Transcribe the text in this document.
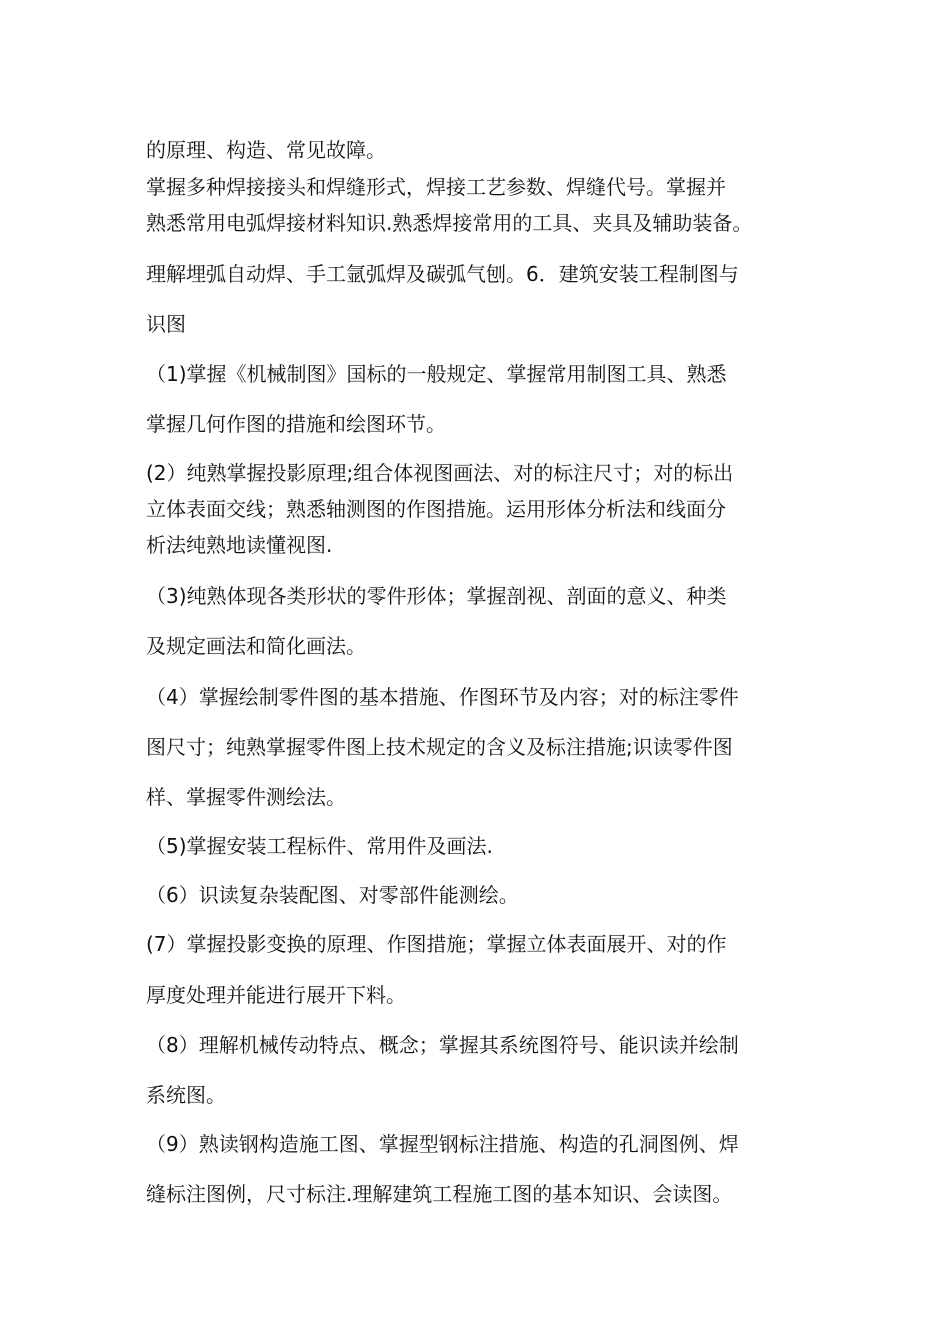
的原理、构造、常见故障。
掌握多种焊接接头和焊缝形式，焊接工艺参数、焊缝代号。掌握并
熟悉常用电弧焊接材料知识.熟悉焊接常用的工具、夹具及辅助装备。
理解埋弧自动焊、手工氩弧焊及碳弧气刨。6．建筑安装工程制图与
识图
（1)掌握《机械制图》国标的一般规定、掌握常用制图工具、熟悉
掌握几何作图的措施和绘图环节。
(2）纯熟掌握投影原理;组合体视图画法、对的标注尺寸；对的标出
立体表面交线；熟悉轴测图的作图措施。运用形体分析法和线面分
析法纯熟地读懂视图.
（3)纯熟体现各类形状的零件形体；掌握剖视、剖面的意义、种类
及规定画法和简化画法。
（4）掌握绘制零件图的基本措施、作图环节及内容；对的标注零件
图尺寸；纯熟掌握零件图上技术规定的含义及标注措施;识读零件图
样、掌握零件测绘法。
（5)掌握安装工程标件、常用件及画法.
（6）识读复杂装配图、对零部件能测绘。
(7）掌握投影变换的原理、作图措施；掌握立体表面展开、对的作
厚度处理并能进行展开下料。
（8）理解机械传动特点、概念；掌握其系统图符号、能识读并绘制
系统图。
（9）熟读钢构造施工图、掌握型钢标注措施、构造的孔洞图例、焊
缝标注图例，尺寸标注.理解建筑工程施工图的基本知识、会读图。
